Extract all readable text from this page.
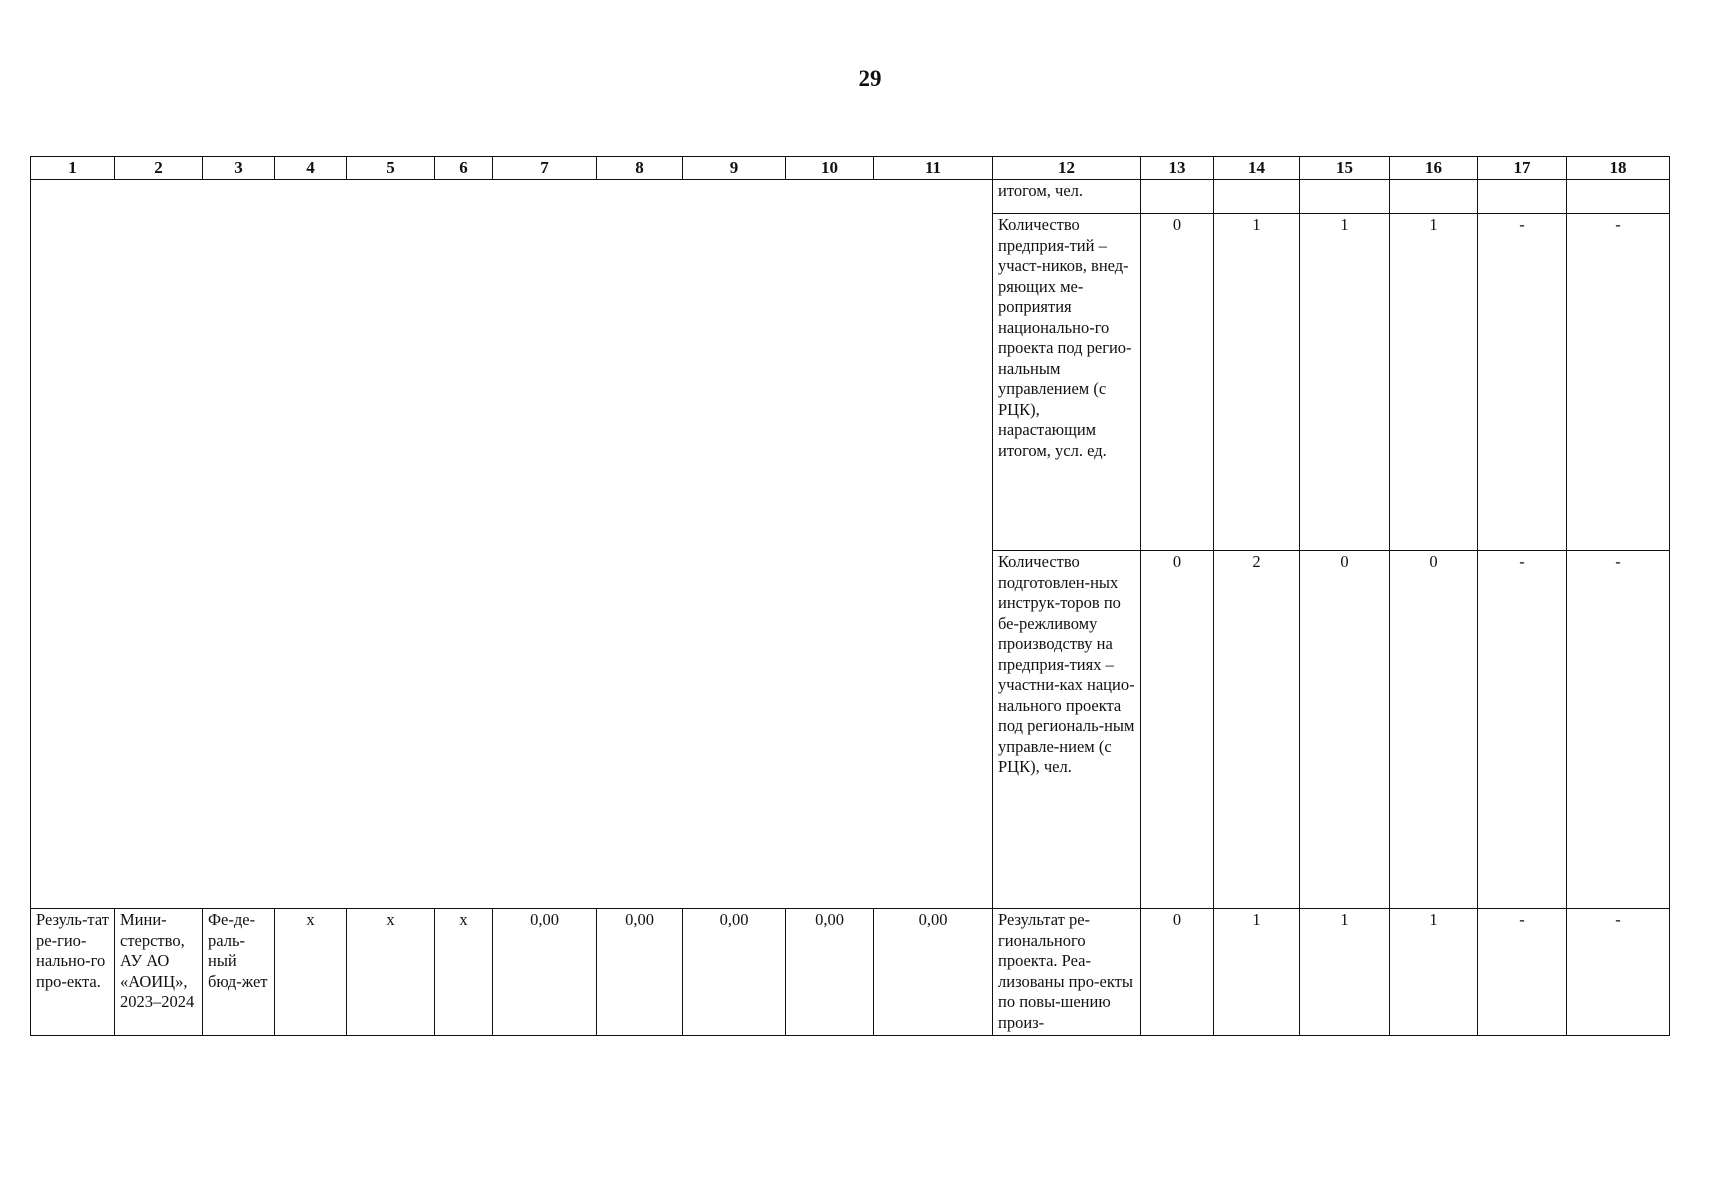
29
1	2	3	4	5	6	7	8	9	10	11	12	13	14	15	16	17	18
											итогом, чел.						
											Количество предприя-тий – участ-ников, внед-ряющих ме-роприятия национально-го проекта под регио-нальным управлением (с РЦК), нарастающим итогом, усл. ед.	0	1	1	1	-	-
											Количество подготовлен-ных инструк-торов по бе-режливому производству на предприя-тиях – участни-ках нацио-нального проекта под региональ-ным управле-нием (с РЦК), чел.	0	2	0	0	-	-
Резуль-тат ре-гио-нально-го про-екта.	Мини-стерство, АУ АО «АОИЦ», 2023–2024	Фе-де-раль-ный бюд-жет	х	х	х	0,00	0,00	0,00	0,00	0,00	Результат ре-гионального проекта. Реа-лизованы про-екты по повы-шению произ-	0	1	1	1	-	-
